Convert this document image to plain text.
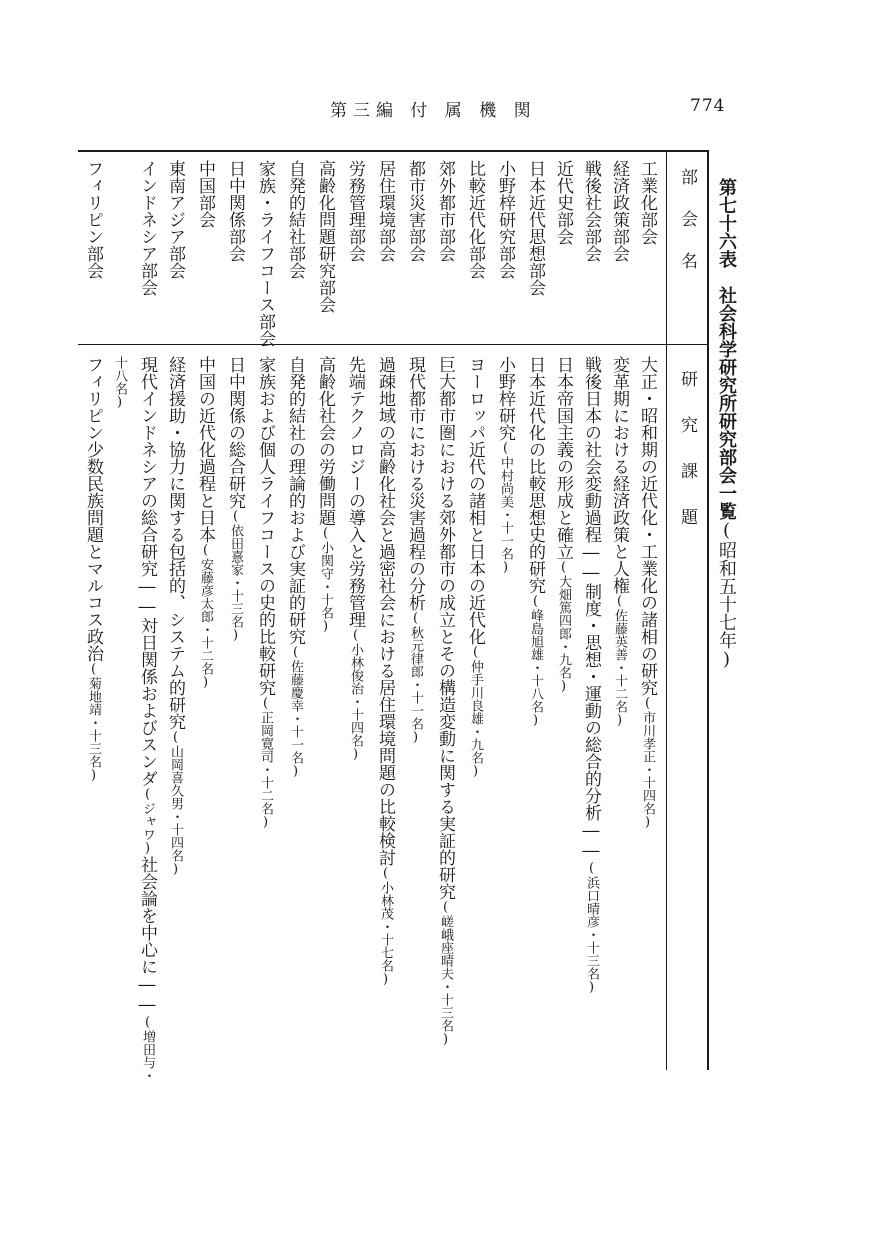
第三編 付 属 機 関	774
第七十六表　社会科学研究所研究部会一覧(昭和五十七年)
部　会　名
研　究　課　題
工業化部会
大正・昭和期の近代化・工業化の諸相の研究(市川孝正・十四名)
経済政策部会
変革期における経済政策と人権(佐藤英善・十二名)
戦後社会部会
戦後日本の社会変動過程――制度・思想・運動の総合的分析――(浜口晴彦・十三名)
近代史部会
日本帝国主義の形成と確立(大畑篤四郎・九名)
日本近代思想部会
日本近代化の比較思想史的研究(峰島旭雄・十八名)
小野梓研究部会
小野梓研究(中村尚美・十一名)
比較近代化部会
ヨーロッパ近代の諸相と日本の近代化(仲手川良雄・九名)
郊外都市部会
巨大都市圏における郊外都市の成立とその構造変動に関する実証的研究(嵯峨座晴夫・十三名)
都市災害部会
現代都市における災害過程の分析(秋元律郎・十一名)
居住環境部会
過疎地域の高齢化社会と過密社会における居住環境問題の比較検討(小林茂・十七名)
労務管理部会
先端テクノロジーの導入と労務管理(小林俊治・十四名)
高齢化問題研究部会
高齢化社会の労働問題(小関守・十名)
自発的結社部会
自発的結社の理論的および実証的研究(佐藤慶幸・十一名)
家族・ライフコース部会
家族および個人ライフコースの史的比較研究(正岡寛司・十二名)
日中関係部会
日中関係の総合研究(依田憙家・十三名)
中国部会
中国の近代化過程と日本(安藤彦太郎・十二名)
東南アジア部会
経済援助・協力に関する包括的、システム的研究(山岡喜久男・十四名)
インドネシア部会
現代インドネシアの総合研究――対日関係およびスンダ(ジャワ)社会論を中心に――(増田与・
十八名)
フィリピン部会
フィリピン少数民族問題とマルコス政治(菊地靖・十三名)
